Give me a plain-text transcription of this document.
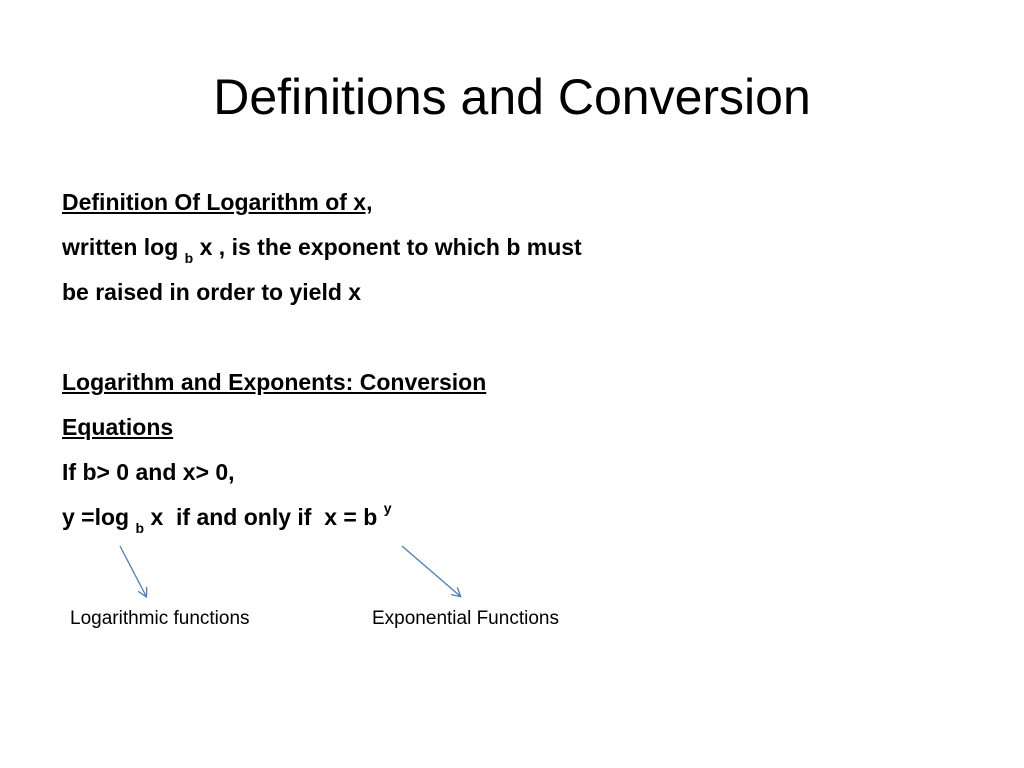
Definitions and Conversion
Definition Of Logarithm of x,
written log $_b$ x , is the exponent to which b must
be raised in order to yield x
Logarithm and Exponents: Conversion
Equations
If b> 0 and x> 0,
y =log $_b$ x  if and only if  x = b $^y$
Logarithmic functions	Exponential Functions
